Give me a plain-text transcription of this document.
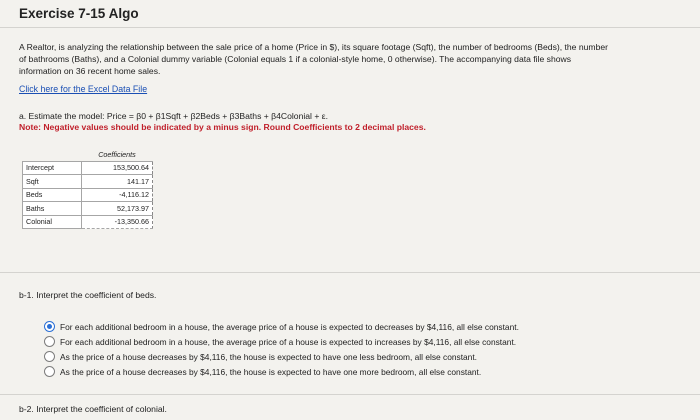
Exercise 7-15 Algo
A Realtor, is analyzing the relationship between the sale price of a home (Price in $), its square footage (Sqft), the number of bedrooms (Beds), the number of bathrooms (Baths), and a Colonial dummy variable (Colonial equals 1 if a colonial-style home, 0 otherwise). The accompanying data file shows information on 36 recent home sales.
Click here for the Excel Data File
a. Estimate the model: Price = β0 + β1Sqft + β2Beds + β3Baths + β4Colonial + ε.
Note: Negative values should be indicated by a minus sign. Round Coefficients to 2 decimal places.
	Coefficients
Intercept	153,500.64
Sqft	141.17
Beds	-4,116.12
Baths	52,173.97
Colonial	-13,350.66
b-1. Interpret the coefficient of beds.
For each additional bedroom in a house, the average price of a house is expected to decreases by $4,116, all else constant.
For each additional bedroom in a house, the average price of a house is expected to increases by $4,116, all else constant.
As the price of a house decreases by $4,116, the house is expected to have one less bedroom, all else constant.
As the price of a house decreases by $4,116, the house is expected to have one more bedroom, all else constant.
b-2. Interpret the coefficient of colonial.
